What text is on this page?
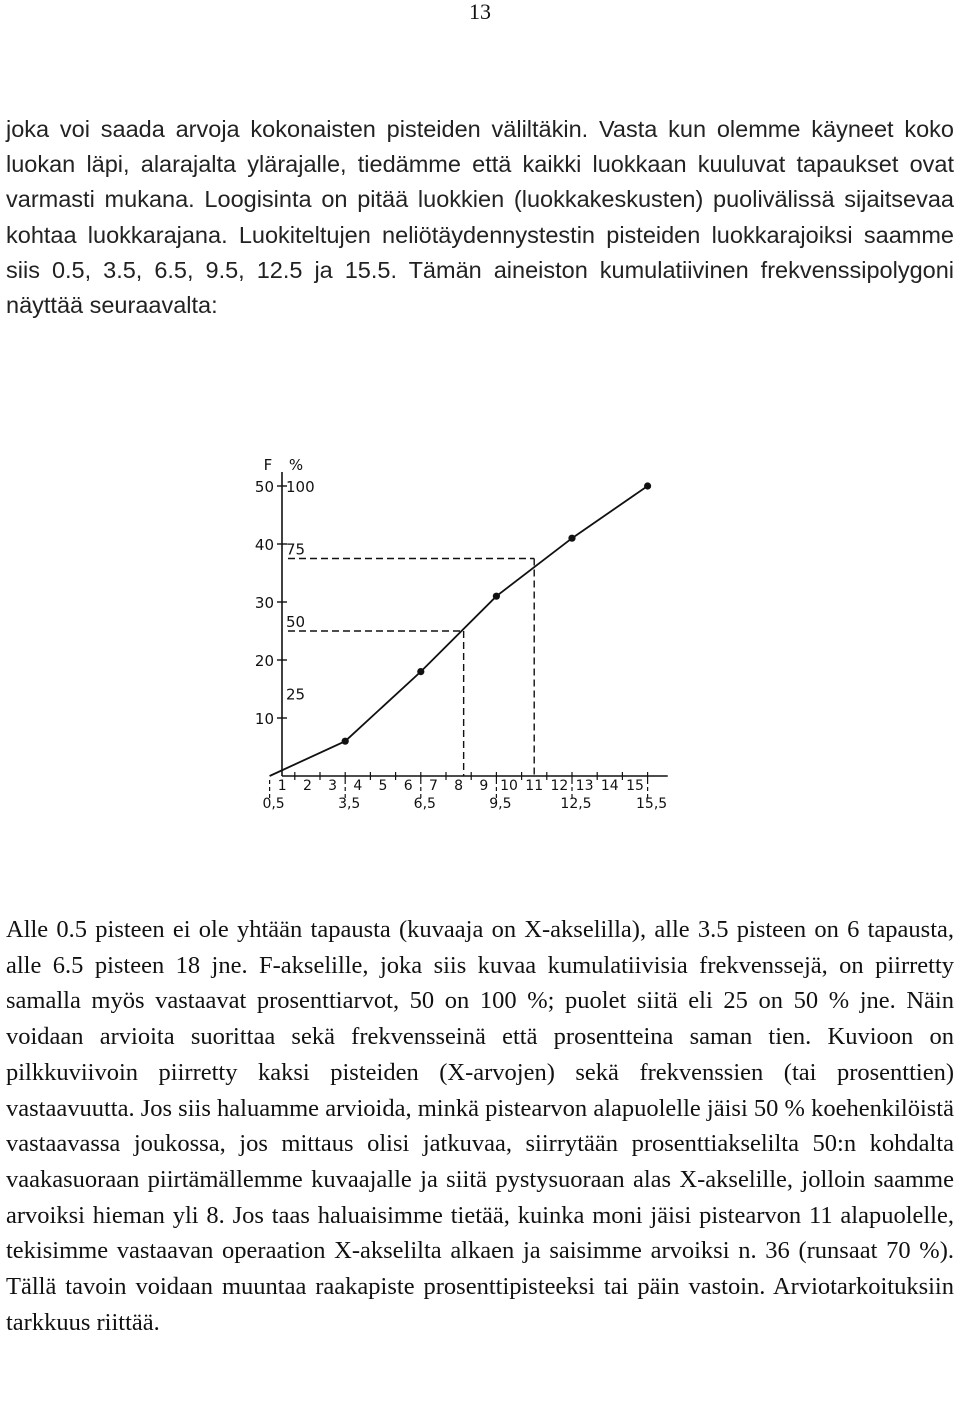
13

joka voi saada arvoja kokonaisten pisteiden väliltäkin. Vasta kun olemme käyneet koko luokan läpi, alarajalta ylärajalle, tiedämme että kaikki luokkaan kuuluvat tapaukset ovat varmasti mukana. Loogisinta on pitää luokkien (luokkakeskusten) puolivälissä sijaitsevaa kohtaa luokkarajana. Luokiteltujen neliötäydennystestin pisteiden luokkarajoiksi saamme siis 0.5, 3.5, 6.5, 9.5, 12.5 ja 15.5. Tämän aineiston kumulatiivinen frekvenssipolygoni näyttää seuraavalta:

F %
10
20
30
40
50
25
50
75
100
1 2 3 4 5 6 7 8 9 10 11 12 13 14 15
0,5	3,5	6,5	9,5	12,5	15,5

Alle 0.5 pisteen ei ole yhtään tapausta (kuvaaja on X-akselilla), alle 3.5 pisteen on 6 tapausta, alle 6.5 pisteen 18 jne. F-akselille, joka siis kuvaa kumulatiivisia frekvenssejä, on piirretty samalla myös vastaavat prosenttiarvot, 50 on 100 %; puolet siitä eli 25 on 50 % jne. Näin voidaan arvioita suorittaa sekä frekvensseinä että prosentteina saman tien. Kuvioon on pilkkuviivoin piirretty kaksi pisteiden (X-arvojen) sekä frekvenssien (tai prosenttien) vastaavuutta. Jos siis haluamme arvioida, minkä pistearvon alapuolelle jäisi 50 % koehenkilöistä vastaavassa joukossa, jos mittaus olisi jatkuvaa, siirrytään prosenttiakselilta 50:n kohdalta vaakasuoraan piirtämällemme kuvaajalle ja siitä pystysuoraan alas X-akselille, jolloin saamme arvoiksi hieman yli 8. Jos taas haluaisimme tietää, kuinka moni jäisi pistearvon 11 alapuolelle, tekisimme vastaavan operaation X-akselilta alkaen ja saisimme arvoiksi n. 36 (runsaat 70 %). Tällä tavoin voidaan muuntaa raakapiste prosenttipisteeksi tai päin vastoin. Arviotarkoituksiin tarkkuus riittää.
